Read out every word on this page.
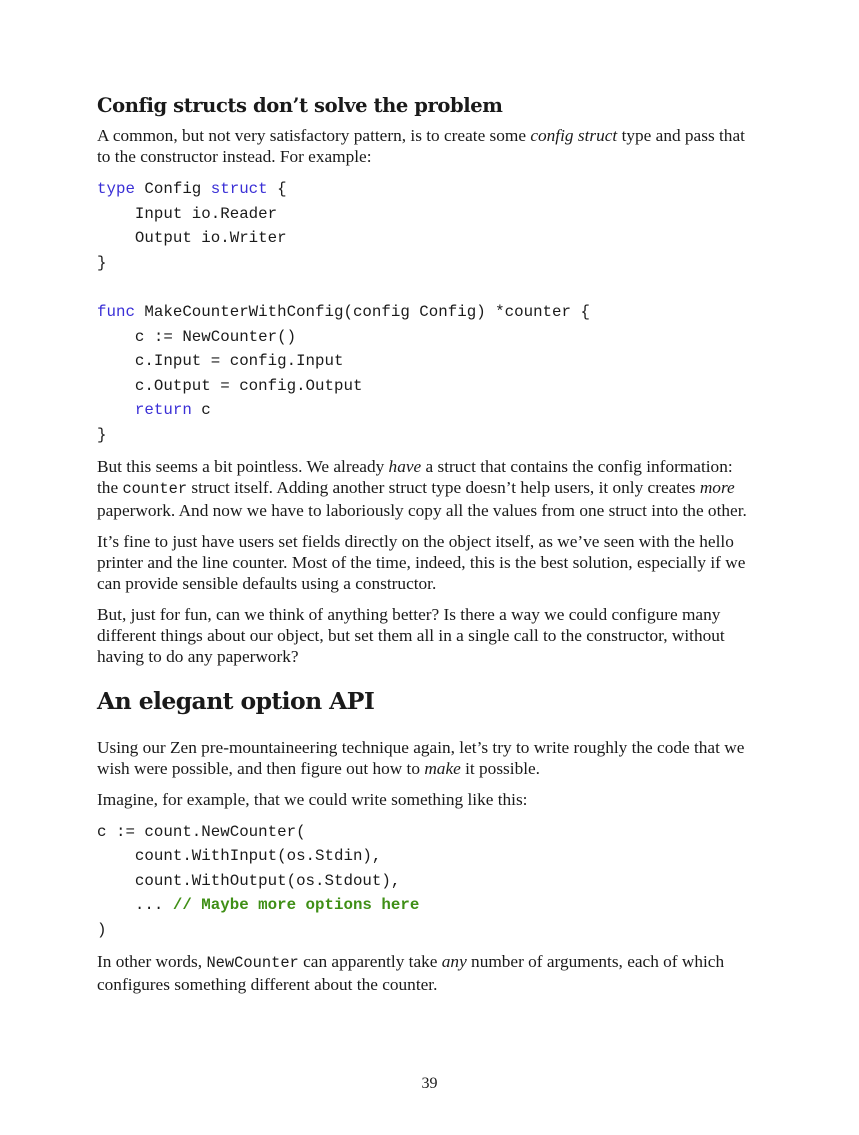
Config structs don’t solve the problem

A common, but not very satisfactory pattern, is to create some config struct type and pass that to the constructor instead. For example:

type Config struct {
Input io.Reader
Output io.Writer
}

func MakeCounterWithConfig(config Config) *counter {
c := NewCounter()
c.Input = config.Input
c.Output = config.Output
return c
}

But this seems a bit pointless. We already have a struct that contains the config information: the counter struct itself. Adding another struct type doesn’t help users, it only creates more paperwork. And now we have to laboriously copy all the values from one struct into the other.

It’s fine to just have users set fields directly on the object itself, as we’ve seen with the hello printer and the line counter. Most of the time, indeed, this is the best solution, especially if we can provide sensible defaults using a constructor.

But, just for fun, can we think of anything better? Is there a way we could configure many different things about our object, but set them all in a single call to the constructor, without having to do any paperwork?

An elegant option API

Using our Zen pre-mountaineering technique again, let’s try to write roughly the code that we wish were possible, and then figure out how to make it possible.

Imagine, for example, that we could write something like this:

c := count.NewCounter(
count.WithInput(os.Stdin),
count.WithOutput(os.Stdout),
... // Maybe more options here
)

In other words, NewCounter can apparently take any number of arguments, each of which configures something different about the counter.

39
